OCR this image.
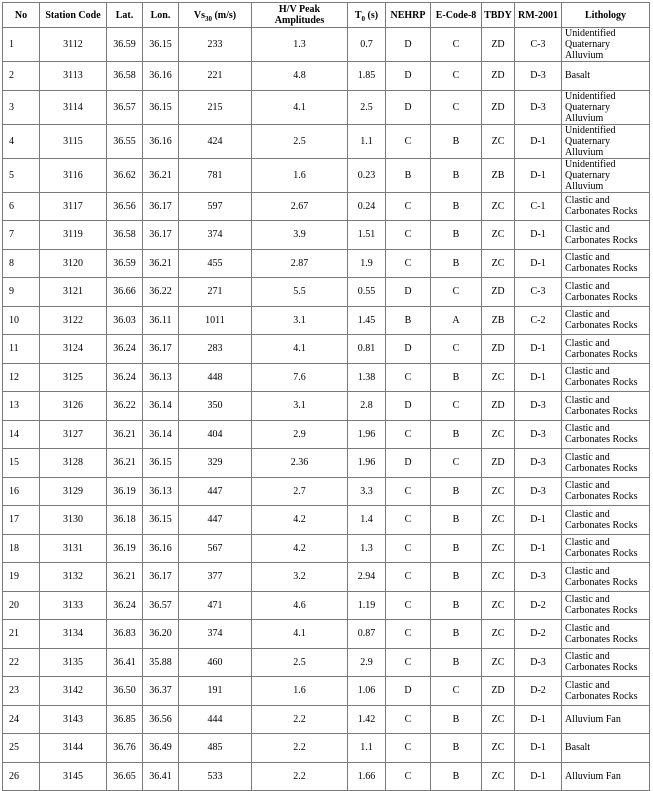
No	Station Code	Lat.	Lon.	$Vs_{30}$ (m/s)	H/V Peak Amplitudes	$T_0$ (s)	NEHRP	E-Code-8	TBDY	RM-2001	Lithology
1	3112	36.59	36.15	233	1.3	0.7	D	C	ZD	C-3	Unidentified Quaternary Alluvium
2	3113	36.58	36.16	221	4.8	1.85	D	C	ZD	D-3	Basalt
3	3114	36.57	36.15	215	4.1	2.5	D	C	ZD	D-3	Unidentified Quaternary Alluvium
4	3115	36.55	36.16	424	2.5	1.1	C	B	ZC	D-1	Unidentified Quaternary Alluvium
5	3116	36.62	36.21	781	1.6	0.23	B	B	ZB	D-1	Unidentified Quaternary Alluvium
6	3117	36.56	36.17	597	2.67	0.24	C	B	ZC	C-1	Clastic and Carbonates Rocks
7	3119	36.58	36.17	374	3.9	1.51	C	B	ZC	D-1	Clastic and Carbonates Rocks
8	3120	36.59	36.21	455	2.87	1.9	C	B	ZC	D-1	Clastic and Carbonates Rocks
9	3121	36.66	36.22	271	5.5	0.55	D	C	ZD	C-3	Clastic and Carbonates Rocks
10	3122	36.03	36.11	1011	3.1	1.45	B	A	ZB	C-2	Clastic and Carbonates Rocks
11	3124	36.24	36.17	283	4.1	0.81	D	C	ZD	D-1	Clastic and Carbonates Rocks
12	3125	36.24	36.13	448	7.6	1.38	C	B	ZC	D-1	Clastic and Carbonates Rocks
13	3126	36.22	36.14	350	3.1	2.8	D	C	ZD	D-3	Clastic and Carbonates Rocks
14	3127	36.21	36.14	404	2.9	1.96	C	B	ZC	D-3	Clastic and Carbonates Rocks
15	3128	36.21	36.15	329	2.36	1.96	D	C	ZD	D-3	Clastic and Carbonates Rocks
16	3129	36.19	36.13	447	2.7	3.3	C	B	ZC	D-3	Clastic and Carbonates Rocks
17	3130	36.18	36.15	447	4.2	1.4	C	B	ZC	D-1	Clastic and Carbonates Rocks
18	3131	36.19	36.16	567	4.2	1.3	C	B	ZC	D-1	Clastic and Carbonates Rocks
19	3132	36.21	36.17	377	3.2	2.94	C	B	ZC	D-3	Clastic and Carbonates Rocks
20	3133	36.24	36.57	471	4.6	1.19	C	B	ZC	D-2	Clastic and Carbonates Rocks
21	3134	36.83	36.20	374	4.1	0.87	C	B	ZC	D-2	Clastic and Carbonates Rocks
22	3135	36.41	35.88	460	2.5	2.9	C	B	ZC	D-3	Clastic and Carbonates Rocks
23	3142	36.50	36.37	191	1.6	1.06	D	C	ZD	D-2	Clastic and Carbonates Rocks
24	3143	36.85	36.56	444	2.2	1.42	C	B	ZC	D-1	Alluvium Fan
25	3144	36.76	36.49	485	2.2	1.1	C	B	ZC	D-1	Basalt
26	3145	36.65	36.41	533	2.2	1.66	C	B	ZC	D-1	Alluvium Fan
